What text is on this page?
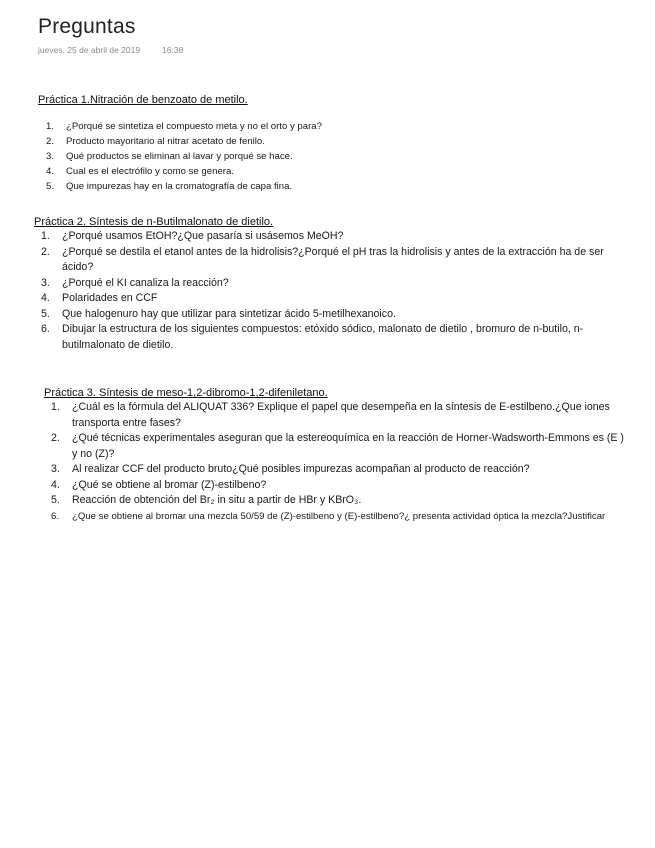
Preguntas
jueves, 25 de abril de 2019	16:38
Práctica 1.Nitración de benzoato de metilo.
1. ¿Porqué se sintetiza el compuesto meta y no el orto y para?
2. Producto mayoritario al nitrar acetato de fenilo.
3. Qué productos se eliminan al lavar y porqué se hace.
4. Cual es el electrófilo y como se genera.
5. Que impurezas hay en la cromatografía de capa fina.
Práctica 2. Síntesis de n-Butilmalonato de dietilo.
1. ¿Porqué usamos EtOH?¿Que pasaría si usásemos MeOH?
2. ¿Porqué se destila el etanol antes de la hidrolisis?¿Porqué el pH tras la hidrolisis y antes de la extracción ha de ser ácido?
3. ¿Porqué el KI canaliza la reacción?
4. Polaridades en CCF
5. Que halogenuro hay que utilizar para sintetizar ácido 5-metilhexanoico.
6. Dibujar la estructura de los siguientes compuestos: etóxido sódico, malonato de dietilo , bromuro de n-butilo, n-butilmalonato de dietilo.
Práctica 3. Síntesis de meso-1,2-dibromo-1,2-difeniletano.
1. ¿Cuál es la fórmula del ALIQUAT 336? Explique el papel que desempeña en la síntesis de E-estilbeno.¿Que iones transporta entre fases?
2. ¿Qué técnicas experimentales aseguran que la estereoquímica en la reacción de Horner-Wadsworth-Emmons es (E ) y no (Z)?
3. Al realizar CCF del producto bruto¿Qué posibles impurezas acompañan al producto de reacción?
4. ¿Qué se obtiene al bromar (Z)-estilbeno?
5. Reacción de obtención del Br₂ in situ a partir de HBr y KBrO₃.
6. ¿Que se obtiene al bromar una mezcla 50/59 de (Z)-estilbeno y (E)-estilbeno?¿ presenta actividad óptica la mezcla?Justificar
